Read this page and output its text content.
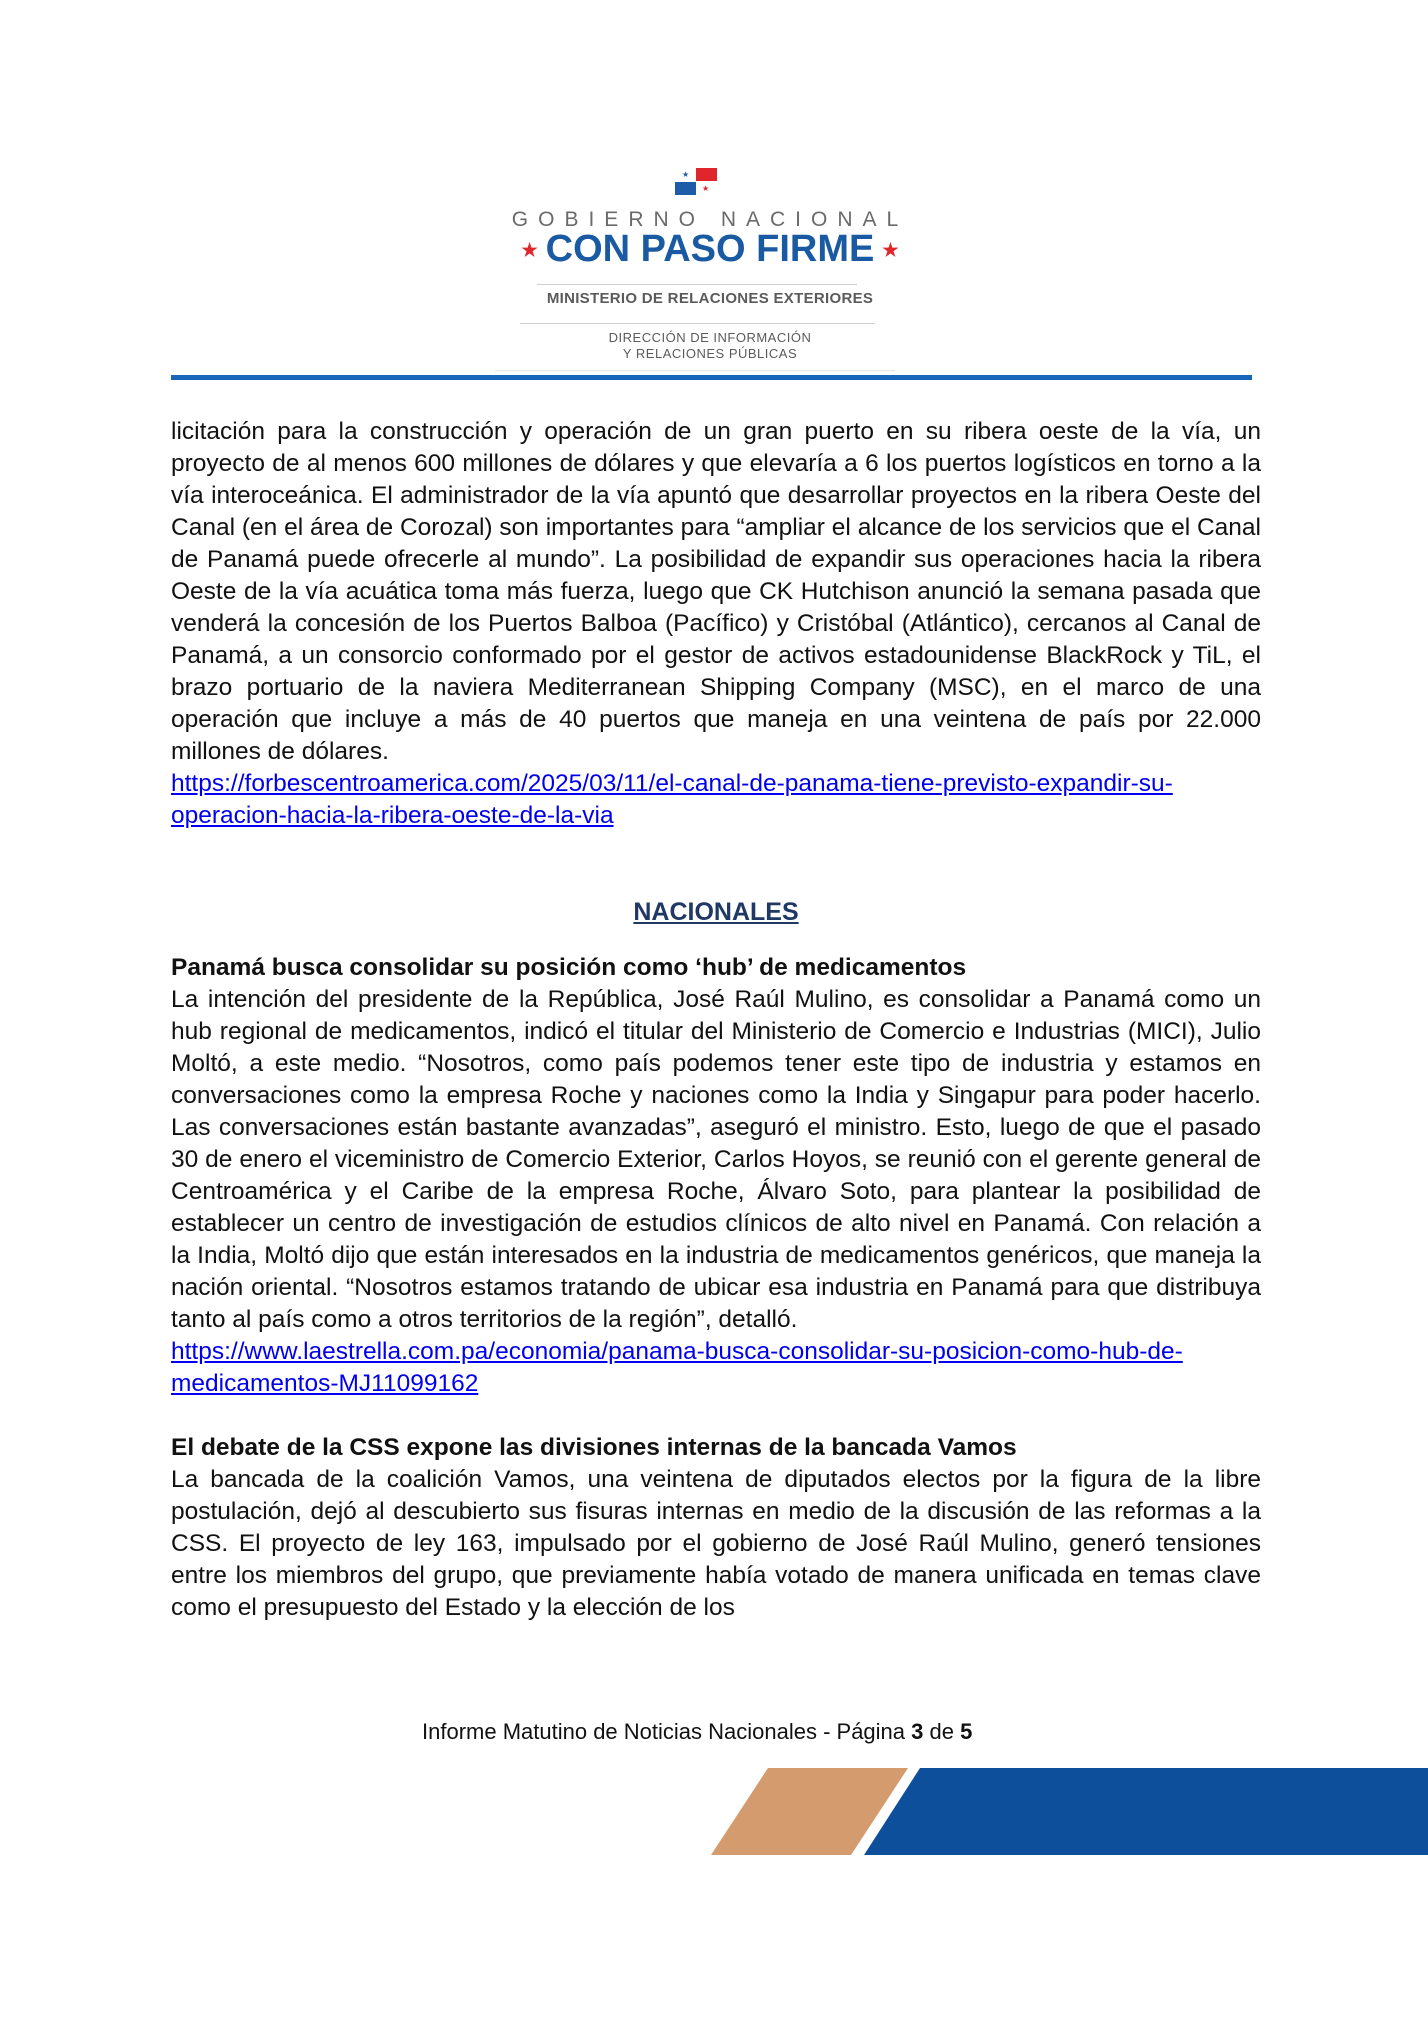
★
★
GOBIERNO NACIONAL
★ CON PASO FIRME ★
MINISTERIO DE RELACIONES EXTERIORES
DIRECCIÓN DE INFORMACIÓN
Y RELACIONES PÚBLICAS

licitación para la construcción y operación de un gran puerto en su ribera oeste de la vía, un proyecto de al menos 600 millones de dólares y que elevaría a 6 los puertos logísticos en torno a la vía interoceánica. El administrador de la vía apuntó que desarrollar proyectos en la ribera Oeste del Canal (en el área de Corozal) son importantes para “ampliar el alcance de los servicios que el Canal de Panamá puede ofrecerle al mundo”. La posibilidad de expandir sus operaciones hacia la ribera Oeste de la vía acuática toma más fuerza, luego que CK Hutchison anunció la semana pasada que venderá la concesión de los Puertos Balboa (Pacífico) y Cristóbal (Atlántico), cercanos al Canal de Panamá, a un consorcio conformado por el gestor de activos estadounidense BlackRock y TiL, el brazo portuario de la naviera Mediterranean Shipping Company (MSC), en el marco de una operación que incluye a más de 40 puertos que maneja en una veintena de país por 22.000 millones de dólares.

https://forbescentroamerica.com/2025/03/11/el-canal-de-panama-tiene-previsto-expandir-su-operacion-hacia-la-ribera-oeste-de-la-via
NACIONALES

Panamá busca consolidar su posición como ‘hub’ de medicamentos

La intención del presidente de la República, José Raúl Mulino, es consolidar a Panamá como un hub regional de medicamentos, indicó el titular del Ministerio de Comercio e Industrias (MICI), Julio Moltó, a este medio. “Nosotros, como país podemos tener este tipo de industria y estamos en conversaciones como la empresa Roche y naciones como la India y Singapur para poder hacerlo. Las conversaciones están bastante avanzadas”, aseguró el ministro. Esto, luego de que el pasado 30 de enero el viceministro de Comercio Exterior, Carlos Hoyos, se reunió con el gerente general de Centroamérica y el Caribe de la empresa Roche, Álvaro Soto, para plantear la posibilidad de establecer un centro de investigación de estudios clínicos de alto nivel en Panamá. Con relación a la India, Moltó dijo que están interesados en la industria de medicamentos genéricos, que maneja la nación oriental. “Nosotros estamos tratando de ubicar esa industria en Panamá para que distribuya tanto al país como a otros territorios de la región”, detalló.

https://www.laestrella.com.pa/economia/panama-busca-consolidar-su-posicion-como-hub-de-medicamentos-MJ11099162

El debate de la CSS expone las divisiones internas de la bancada Vamos

La bancada de la coalición Vamos, una veintena de diputados electos por la figura de la libre postulación, dejó al descubierto sus fisuras internas en medio de la discusión de las reformas a la CSS. El proyecto de ley 163, impulsado por el gobierno de José Raúl Mulino, generó tensiones entre los miembros del grupo, que previamente había votado de manera unificada en temas clave como el presupuesto del Estado y la elección de los

Informe Matutino de Noticias Nacionales - Página 3 de 5
